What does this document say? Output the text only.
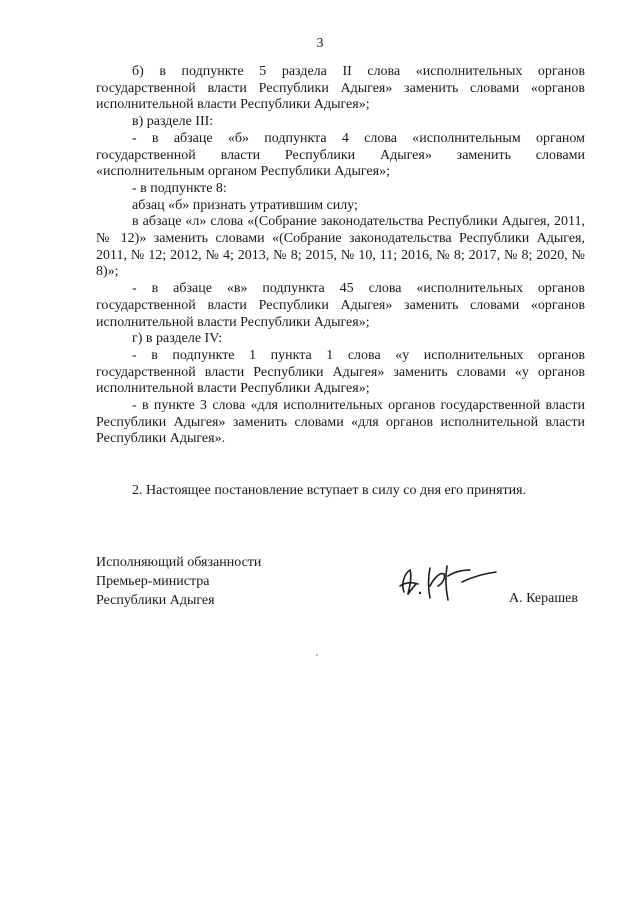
3

б) в подпункте 5 раздела II слова «исполнительных органов государственной власти Республики Адыгея» заменить словами «органов исполнительной власти Республики Адыгея»;

в) разделе III:

- в абзаце «б» подпункта 4 слова «исполнительным органом государственной власти Республики Адыгея» заменить словами «исполнительным органом Республики Адыгея»;

- в подпункте 8:

абзац «б» признать утратившим силу;

в абзаце «л» слова «(Собрание законодательства Республики Адыгея, 2011, № 12)» заменить словами «(Собрание законодательства Республики Адыгея, 2011, № 12; 2012, № 4; 2013, № 8; 2015, № 10, 11; 2016, № 8; 2017, № 8; 2020, № 8)»;

- в абзаце «в» подпункта 45 слова «исполнительных органов государственной власти Республики Адыгея» заменить словами «органов исполнительной власти Республики Адыгея»;

г) в разделе IV:

- в подпункте 1 пункта 1 слова «у исполнительных органов государственной власти Республики Адыгея» заменить словами «у органов исполнительной власти Республики Адыгея»;

- в пункте 3 слова «для исполнительных органов государственной власти Республики Адыгея» заменить словами «для органов исполнительной власти Республики Адыгея».

2. Настоящее постановление вступает в силу со дня его принятия.

Исполняющий обязанности
Премьер-министра
Республики Адыгея	А. Керашев
